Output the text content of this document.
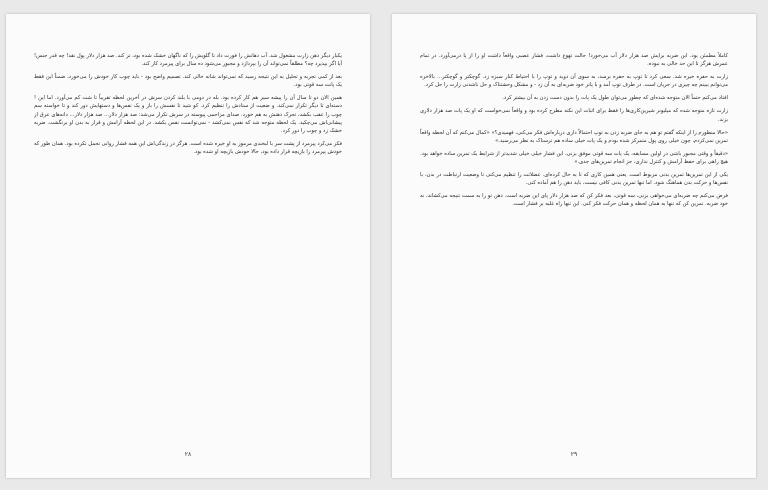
یکبار دیگر ذهن زارت مشغول شد. آب دهانش را فورت داد تا گلویش را که ناگهان خشک شده بود، تر کند. صد هزار دلار پول نقد! چه قدر جنس! آیا اگر بپذیرد چه؟ مطلقاً نمی‌تواند آن را بپردازد و مجبور می‌شود ده سال برای پیرمرد کار کند.

بعد از کمی تجربه و تحلیل به این نتیجه رسید که نمی‌تواند شانه خالی کند. تصمیم واضح بود - باید چوب کار خودش را می‌خورد، ضمناً این فقط یک پانت سه قوتی بود.

همین الان دو تا سال آن را پیشه سیر هم کار کرده بود. بله در دومی با بلند کردن سرش در آخرین لحظه تقریباً تا شت کم می‌آورد. اما این ! دسته‌ای تا دیگر تکرار نمی‌کند. و ضعیت از ستادش را تنظیم کرد. کو شید تا نفسش را باز و یک نفس‌ها و دستهایش دور کند و تا خواسته سم چوب را عقب بکشد، تحرک ذهنش به هم خورد. صدای مزاحمی پیوسته در سرش تکرار می‌شد: صد هزار دلار... صد هزار دلار... دانه‌های عرق از پیشانی‌اش می‌چکید. یک لحظه متوجه شد که نفس نمی‌کشد - نمی‌توانست نفس بکشد. در این لحظه آرامش و قرار به بدن او برنگشت. ضربه خشک زد و چوب را دور کرد.

فکر می‌کرد پیرمرد از پشت سر با لبخندی مرموز به او خیره شده است. هرگز در زندگی‌اش این همه فشار روانی تحمل نکرده بود. همان طور که خودش پیرمرد را بازیچه قرار داده بود، حالا خودش بازیچه او شده بود.

۲۸

کاملاً مطمئن بود. این ضربه برایش صد هزار دلار آب می‌خورد! حالت تهوع داشت، فشار عصبی واقعاً داشت او را از پا درمی‌آورد. در تمام عمرش هرگز تا این حد خالی به نبوده.

زارت به حفره خیره شد. سعی کرد تا توپ به حفره برسد، به سوی آن دوید و توپ را با احتیاط کنار سبزه زد. گوچکتر و گوچکتر... بالاخره می‌توانم ببینم چه چیزی در جریان است. در طرف توپ آمد و با پاتر خود ضربه‌ای به آن زد - و مشکل وحشتناک و حل ناشدنی زارت را حل کرد.

افتاد می‌کنم حتماً الان متوجه شده‌ای که چطور می‌توان طول یک پات را بدون دست زدن به آن بیشتر کرد.

زارت تازه متوجه شده که میلیونر شیرین‌کاری‌ها را فقط برای اثبات این نکته مطرح کرده بود و واقعاً نمی‌خواست که او یک پات صد هزار دلاری بزند.

«حالا منظورم را از اینکه گفتم تو هم به جای ضربه زدن به توپ احتمالاً داری درباره‌اش فکر می‌کنی، فهمیدی؟» «کمال می‌کنم که آن لحظه واقعاً تمرین نمی‌کردم، چون خیلی روی پول متمرکز شده بودم و یک پات خیلی ساده هم ترسناک به نظر می‌رسید.»

«دقیقاً و وقتی مجبور باشی در اولین مسابقه، یک پات سه قوتی موفق بزنی، این فشار خیلی خیلی شدیدتر از شرایط یک تمرین ساده خواهد بود. هیچ راهی برای حفظ آرامش و کنترل نداری، جز انجام تمرین‌های جدی.»

یکی از این تمرین‌ها تمرین بدنی مربوط است. یعنی همین کاری که تا به حال کرده‌ای. عضلاتت را تنظیم می‌کنی تا وضعیت ارتباطت در بدن، با نفس‌ها و حرکت بدن هماهنگ شود. اما تنها تمرین بدنی کافی نیست، باید ذهن را هم آماده کنی.

فرض می‌کنم چه ضربه‌ای می‌خواهی بزنی، سه قوتی، بعد فکر کن که صد هزار دلار پای این ضربه است. ذهن تو را به سمت نتیجه می‌کشاند، نه خود ضربه. تمرین کن که تنها به همان لحظه و همان حرکت فکر کنی. این تنها راه غلبه بر فشار است.

۲۹
